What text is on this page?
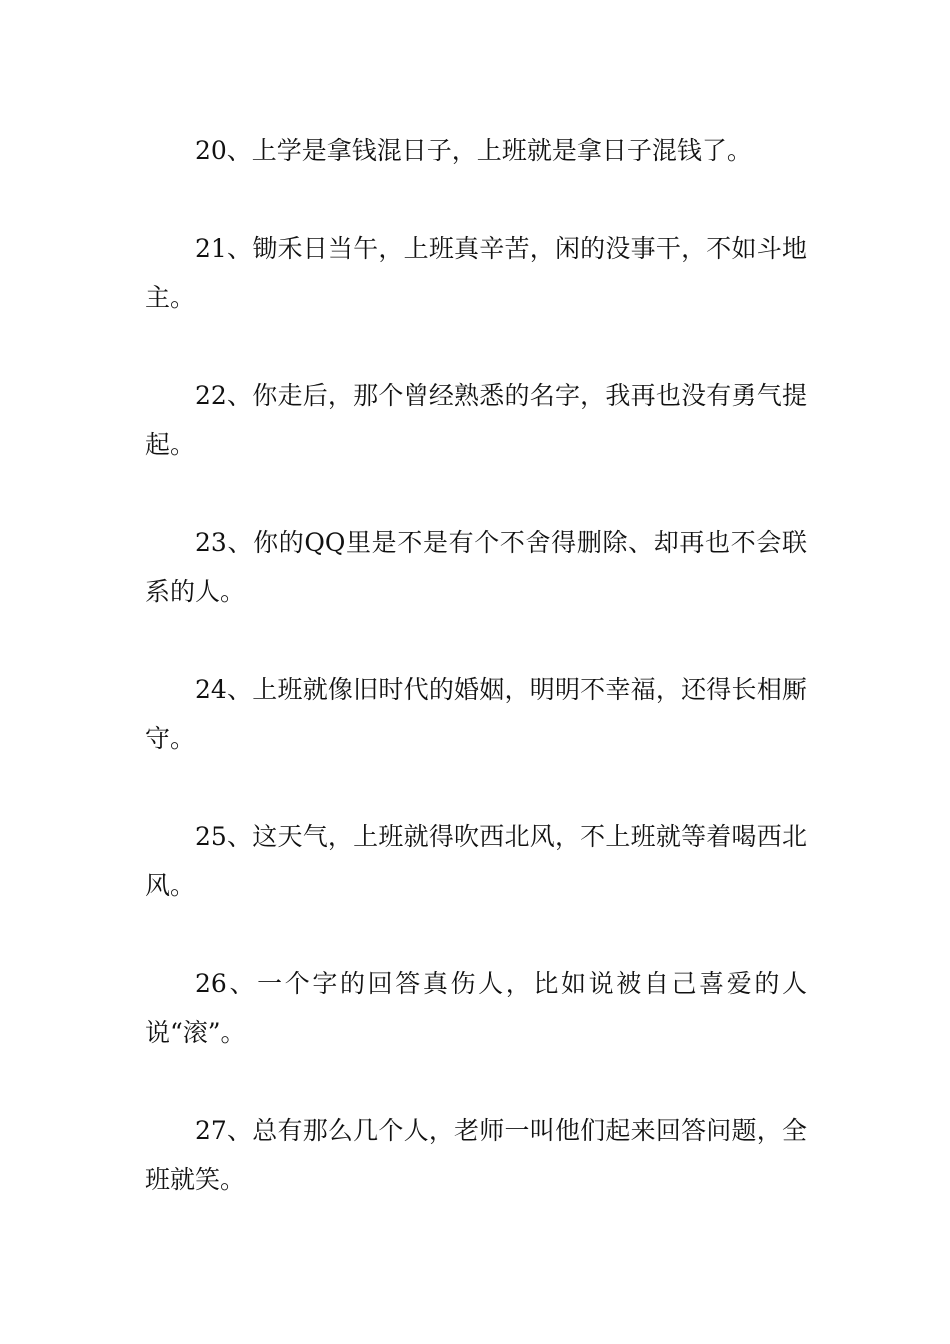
20、上学是拿钱混日子，上班就是拿日子混钱了。

21、锄禾日当午，上班真辛苦，闲的没事干，不如斗地主。

22、你走后，那个曾经熟悉的名字，我再也没有勇气提起。

23、你的QQ里是不是有个不舍得删除、却再也不会联系的人。

24、上班就像旧时代的婚姻，明明不幸福，还得长相厮守。

25、这天气，上班就得吹西北风，不上班就等着喝西北风。

26、一个字的回答真伤人，比如说被自己喜爱的人说“滚”。

27、总有那么几个人，老师一叫他们起来回答问题，全班就笑。
